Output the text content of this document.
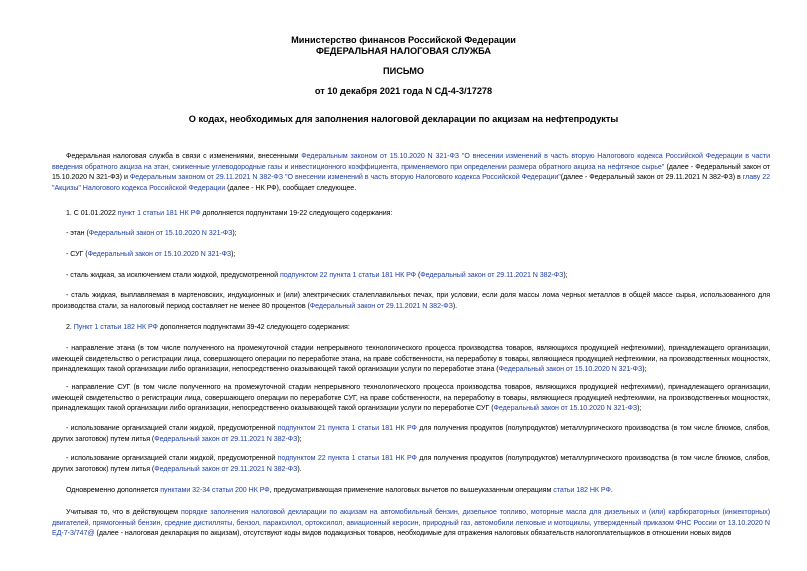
Министерство финансов Российской Федерации
ФЕДЕРАЛЬНАЯ НАЛОГОВАЯ СЛУЖБА
ПИСЬМО
от 10 декабря 2021 года N СД-4-3/17278
О кодах, необходимых для заполнения налоговой декларации по акцизам на нефтепродукты
Федеральная налоговая служба в связи с изменениями, внесенными Федеральным законом от 15.10.2020 N 321-ФЗ "О внесении изменений в часть вторую Налогового кодекса Российской Федерации в части введения обратного акциза на этан, сжиженные углеводородные газы и инвестиционного коэффициента, применяемого при определении размера обратного акциза на нефтяное сырье" (далее - Федеральный закон от 15.10.2020 N 321-ФЗ) и Федеральным законом от 29.11.2021 N 382-ФЗ "О внесении изменений в часть вторую Налогового кодекса Российской Федерации"(далее - Федеральный закон от 29.11.2021 N 382-ФЗ) в главу 22 "Акцизы" Налогового кодекса Российской Федерации (далее - НК РФ), сообщает следующее.
1. С 01.01.2022 пункт 1 статьи 181 НК РФ дополняется подпунктами 19-22 следующего содержания:
- этан (Федеральный закон от 15.10.2020 N 321-ФЗ);
- СУГ (Федеральный закон от 15.10.2020 N 321-ФЗ);
- сталь жидкая, за исключением стали жидкой, предусмотренной подпунктом 22 пункта 1 статьи 181 НК РФ (Федеральный закон от 29.11.2021 N 382-ФЗ);
- сталь жидкая, выплавляемая в мартеновских, индукционных и (или) электрических сталеплавильных печах, при условии, если доля массы лома черных металлов в общей массе сырья, использованного для производства стали, за налоговый период составляет не менее 80 процентов (Федеральный закон от 29.11.2021 N 382-ФЗ).
2. Пункт 1 статьи 182 НК РФ дополняется подпунктами 39-42 следующего содержания:
- направление этана (в том числе полученного на промежуточной стадии непрерывного технологического процесса производства товаров, являющихся продукцией нефтехимии), принадлежащего организации, имеющей свидетельство о регистрации лица, совершающего операции по переработке этана, на праве собственности, на переработку в товары, являющиеся продукцией нефтехимии, на производственных мощностях, принадлежащих такой организации либо организации, непосредственно оказывающей такой организации услуги по переработке этана (Федеральный закон от 15.10.2020 N 321-ФЗ);
- направление СУГ (в том числе полученного на промежуточной стадии непрерывного технологического процесса производства товаров, являющихся продукцией нефтехимии), принадлежащего организации, имеющей свидетельство о регистрации лица, совершающего операции по переработке СУГ, на праве собственности, на переработку в товары, являющиеся продукцией нефтехимии, на производственных мощностях, принадлежащих такой организации либо организации, непосредственно оказывающей такой организации услуги по переработке СУГ (Федеральный закон от 15.10.2020 N 321-ФЗ);
- использование организацией стали жидкой, предусмотренной подпунктом 21 пункта 1 статьи 181 НК РФ для получения продуктов (полупродуктов) металлургического производства (в том числе блюмов, слябов, других заготовок) путем литья (Федеральный закон от 29.11.2021 N 382-ФЗ);
- использование организацией стали жидкой, предусмотренной подпунктом 22 пункта 1 статьи 181 НК РФ для получения продуктов (полупродуктов) металлургического производства (в том числе блюмов, слябов, других заготовок) путем литья (Федеральный закон от 29.11.2021 N 382-ФЗ).
Одновременно дополняется пунктами 32-34 статьи 200 НК РФ, предусматривающая применение налоговых вычетов по вышеуказанным операциям статьи 182 НК РФ.
Учитывая то, что в действующем порядке заполнения налоговой декларации по акцизам на автомобильный бензин, дизельное топливо, моторные масла для дизельных и (или) карбюраторных (инжекторных) двигателей, прямогонный бензин, средние дистилляты, бензол, параксилол, ортоксилол, авиационный керосин, природный газ, автомобили легковые и мотоциклы, утвержденный приказом ФНС России от 13.10.2020 N ЕД-7-3/747@ (далее - налоговая декларация по акцизам), отсутствуют коды видов подакцизных товаров, необходимые для отражения налоговых обязательств налогоплательщиков в отношении новых видов
